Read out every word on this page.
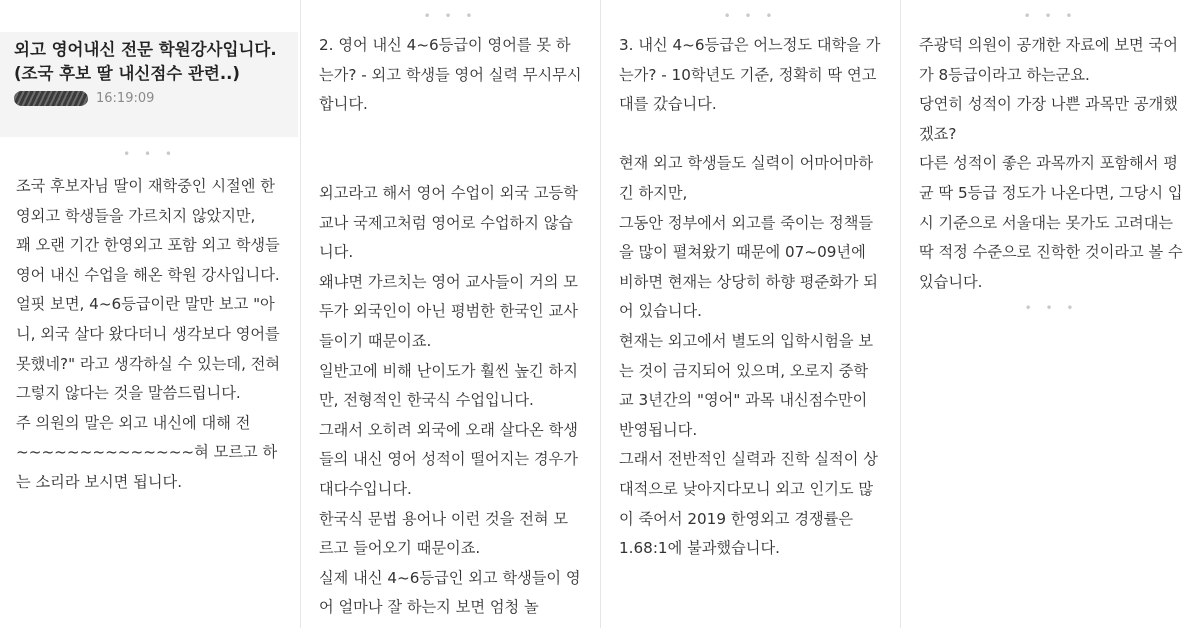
외고 영어내신 전문 학원강사입니다. (조국 후보 딸 내신점수 관련..)
16:19:09
• • •
조국 후보자님 딸이 재학중인 시절엔 한영외고 학생들을 가르치지 않았지만,
꽤 오랜 기간 한영외고 포함 외고 학생들 영어 내신 수업을 해온 학원 강사입니다.
얼핏 보면, 4~6등급이란 말만 보고 "아니, 외국 살다 왔다더니 생각보다 영어를 못했네?" 라고 생각하실 수 있는데, 전혀 그렇지 않다는 것을 말씀드립니다.
주 의원의 말은 외고 내신에 대해 전~~~~~~~~~~~~~~혀 모르고 하는 소리라 보시면 됩니다.
• • •
2. 영어 내신 4~6등급이 영어를 못 하는가? - 외고 학생들 영어 실력 무시무시합니다.
외고라고 해서 영어 수업이 외국 고등학교나 국제고처럼 영어로 수업하지 않습니다.
왜냐면 가르치는 영어 교사들이 거의 모두가 외국인이 아닌 평범한 한국인 교사들이기 때문이죠.
일반고에 비해 난이도가 훨씬 높긴 하지만, 전형적인 한국식 수업입니다.
그래서 오히려 외국에 오래 살다온 학생들의 내신 영어 성적이 떨어지는 경우가 대다수입니다.
한국식 문법 용어나 이런 것을 전혀 모르고 들어오기 때문이죠.
실제 내신 4~6등급인 외고 학생들이 영어 얼마나 잘 하는지 보면 엄청 놀
• • •
3. 내신 4~6등급은 어느정도 대학을 가는가? - 10학년도 기준, 정확히 딱 연고대를 갔습니다.
현재 외고 학생들도 실력이 어마어마하긴 하지만,
그동안 정부에서 외고를 죽이는 정책들을 많이 펼쳐왔기 때문에 07~09년에 비하면 현재는 상당히 하향 평준화가 되어 있습니다.
현재는 외고에서 별도의 입학시험을 보는 것이 금지되어 있으며, 오로지 중학교 3년간의 "영어" 과목 내신점수만이 반영됩니다.
그래서 전반적인 실력과 진학 실적이 상대적으로 낮아지다모니 외고 인기도 많이 죽어서 2019 한영외고 경쟁률은 1.68:1에 불과했습니다.
• • •
주광덕 의원이 공개한 자료에 보면 국어가 8등급이라고 하는군요.
당연히 성적이 가장 나쁜 과목만 공개했겠죠?
다른 성적이 좋은 과목까지 포함해서 평균 딱 5등급 정도가 나온다면, 그당시 입시 기준으로 서울대는 못가도 고려대는 딱 적정 수준으로 진학한 것이라고 볼 수 있습니다.
• • •
